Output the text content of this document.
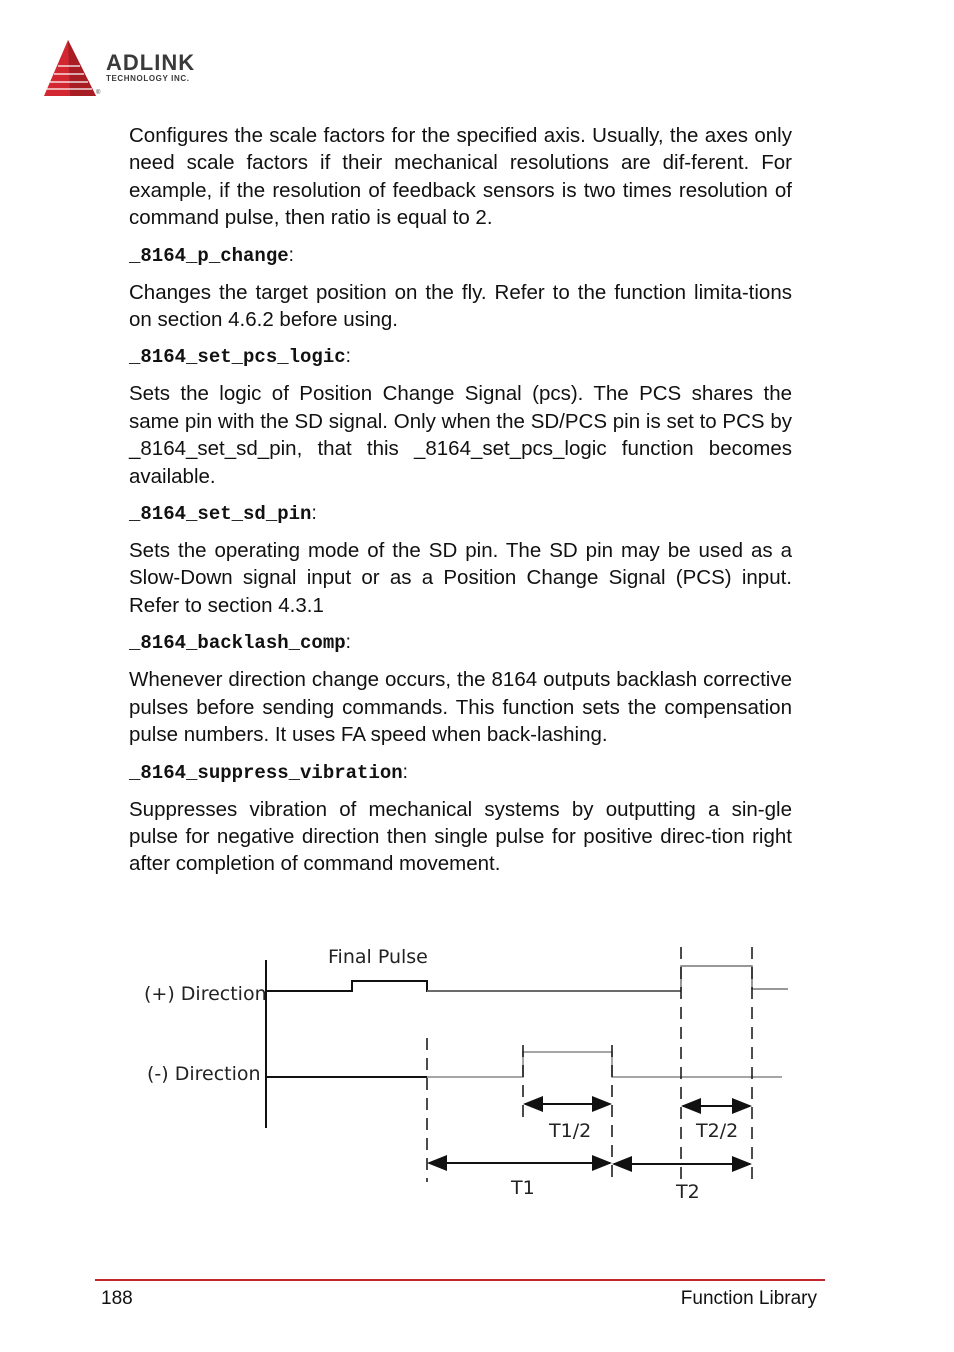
ADLINK
TECHNOLOGY INC.
®

Configures the scale factors for the specified axis. Usually, the axes only need scale factors if their mechanical resolutions are dif-ferent. For example, if the resolution of feedback sensors is two times resolution of command pulse, then ratio is equal to 2.

_8164_p_change:

Changes the target position on the fly. Refer to the function limita-tions on section 4.6.2 before using.

_8164_set_pcs_logic:

Sets the logic of Position Change Signal (pcs). The PCS shares the same pin with the SD signal. Only when the SD/PCS pin is set to PCS by _8164_set_sd_pin, that this _8164_set_pcs_logic function becomes available.

_8164_set_sd_pin:

Sets the operating mode of the SD pin. The SD pin may be used as a Slow-Down signal input or as a Position Change Signal (PCS) input. Refer to section 4.3.1

_8164_backlash_comp:

Whenever direction change occurs, the 8164 outputs backlash corrective pulses before sending commands. This function sets the compensation pulse numbers. It uses FA speed when back-lashing.

_8164_suppress_vibration:

Suppresses vibration of mechanical systems by outputting a sin-gle pulse for negative direction then single pulse for positive direc-tion right after completion of command movement.

Final Pulse
(+) Direction
(-) Direction
T1/2	T2/2
T1	T2
188	Function Library
